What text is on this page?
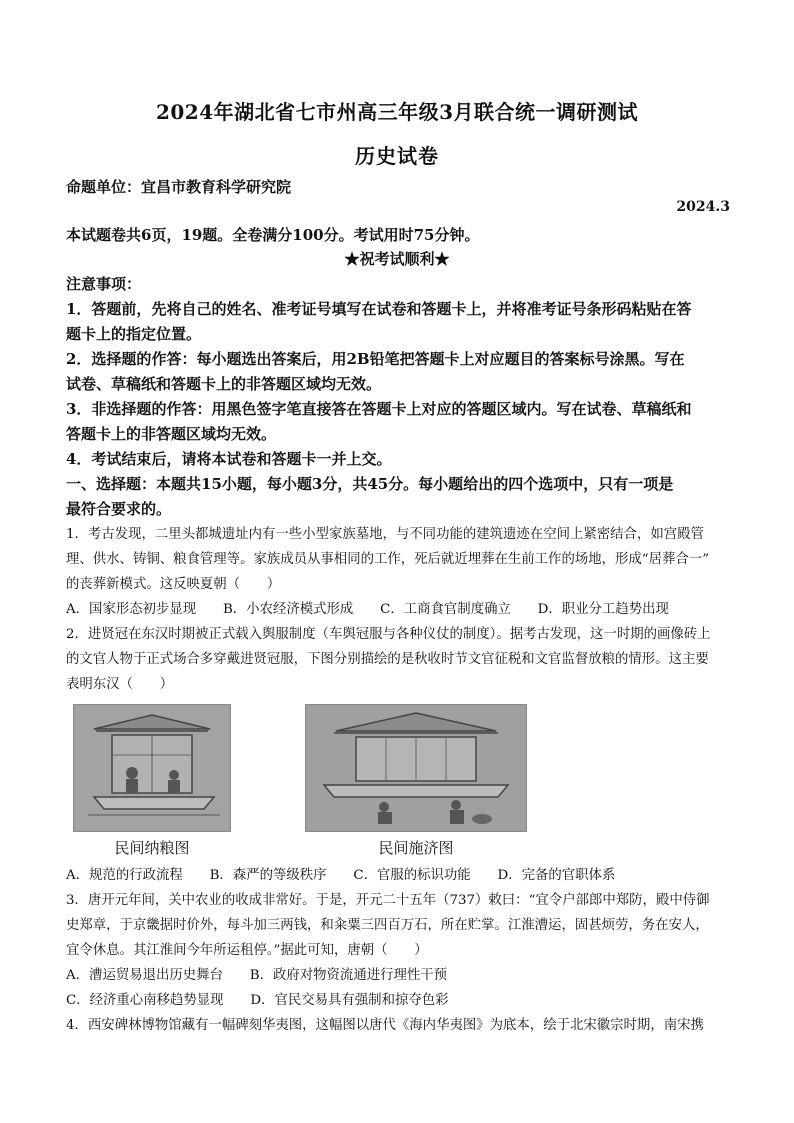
2024年湖北省七市州高三年级3月联合统一调研测试
历史试卷
命题单位：宜昌市教育科学研究院
2024.3
本试题卷共6页，19题。全卷满分100分。考试用时75分钟。
★祝考试顺利★
注意事项：
1．答题前，先将自己的姓名、准考证号填写在试卷和答题卡上，并将准考证号条形码粘贴在答
题卡上的指定位置。
2．选择题的作答：每小题选出答案后，用2B铅笔把答题卡上对应题目的答案标号涂黑。写在
试卷、草稿纸和答题卡上的非答题区域均无效。
3．非选择题的作答：用黑色签字笔直接答在答题卡上对应的答题区域内。写在试卷、草稿纸和
答题卡上的非答题区域均无效。
4．考试结束后，请将本试卷和答题卡一并上交。
一、选择题：本题共15小题，每小题3分，共45分。每小题给出的四个选项中，只有一项是
最符合要求的。
1．考古发现，二里头都城遗址内有一些小型家族墓地，与不同功能的建筑遗迹在空间上紧密结合，如宫殿管
理、供水、铸铜、粮食管理等。家族成员从事相同的工作，死后就近埋葬在生前工作的场地，形成“居葬合一”
的丧葬新模式。这反映夏朝（　　）
A．国家形态初步显现　　B．小农经济模式形成　　C．工商食官制度确立　　D．职业分工趋势出现
2．进贤冠在东汉时期被正式载入舆服制度（车舆冠服与各种仪仗的制度）。据考古发现，这一时期的画像砖上
的文官人物于正式场合多穿戴进贤冠服，下图分别描绘的是秋收时节文官征税和文官监督放粮的情形。这主要
表明东汉（　　）
民间纳粮图	民间施济图
A．规范的行政流程　　B．森严的等级秩序　　C．官服的标识功能　　D．完备的官职体系
3．唐开元年间，关中农业的收成非常好。于是，开元二十五年（737）敕曰：“宜令户部郎中郑防，殿中侍御
史郑章，于京畿据时价外，每斗加三两钱，和籴粟三四百万石，所在贮掌。江淮漕运，固甚烦劳，务在安人，
宜令休息。其江淮间今年所运租停。”据此可知，唐朝（　　）
A．漕运贸易退出历史舞台　　B．政府对物资流通进行理性干预
C．经济重心南移趋势显现　　D．官民交易具有强制和掠夺色彩
4．西安碑林博物馆藏有一幅碑刻华夷图，这幅图以唐代《海内华夷图》为底本，绘于北宋徽宗时期，南宋携
